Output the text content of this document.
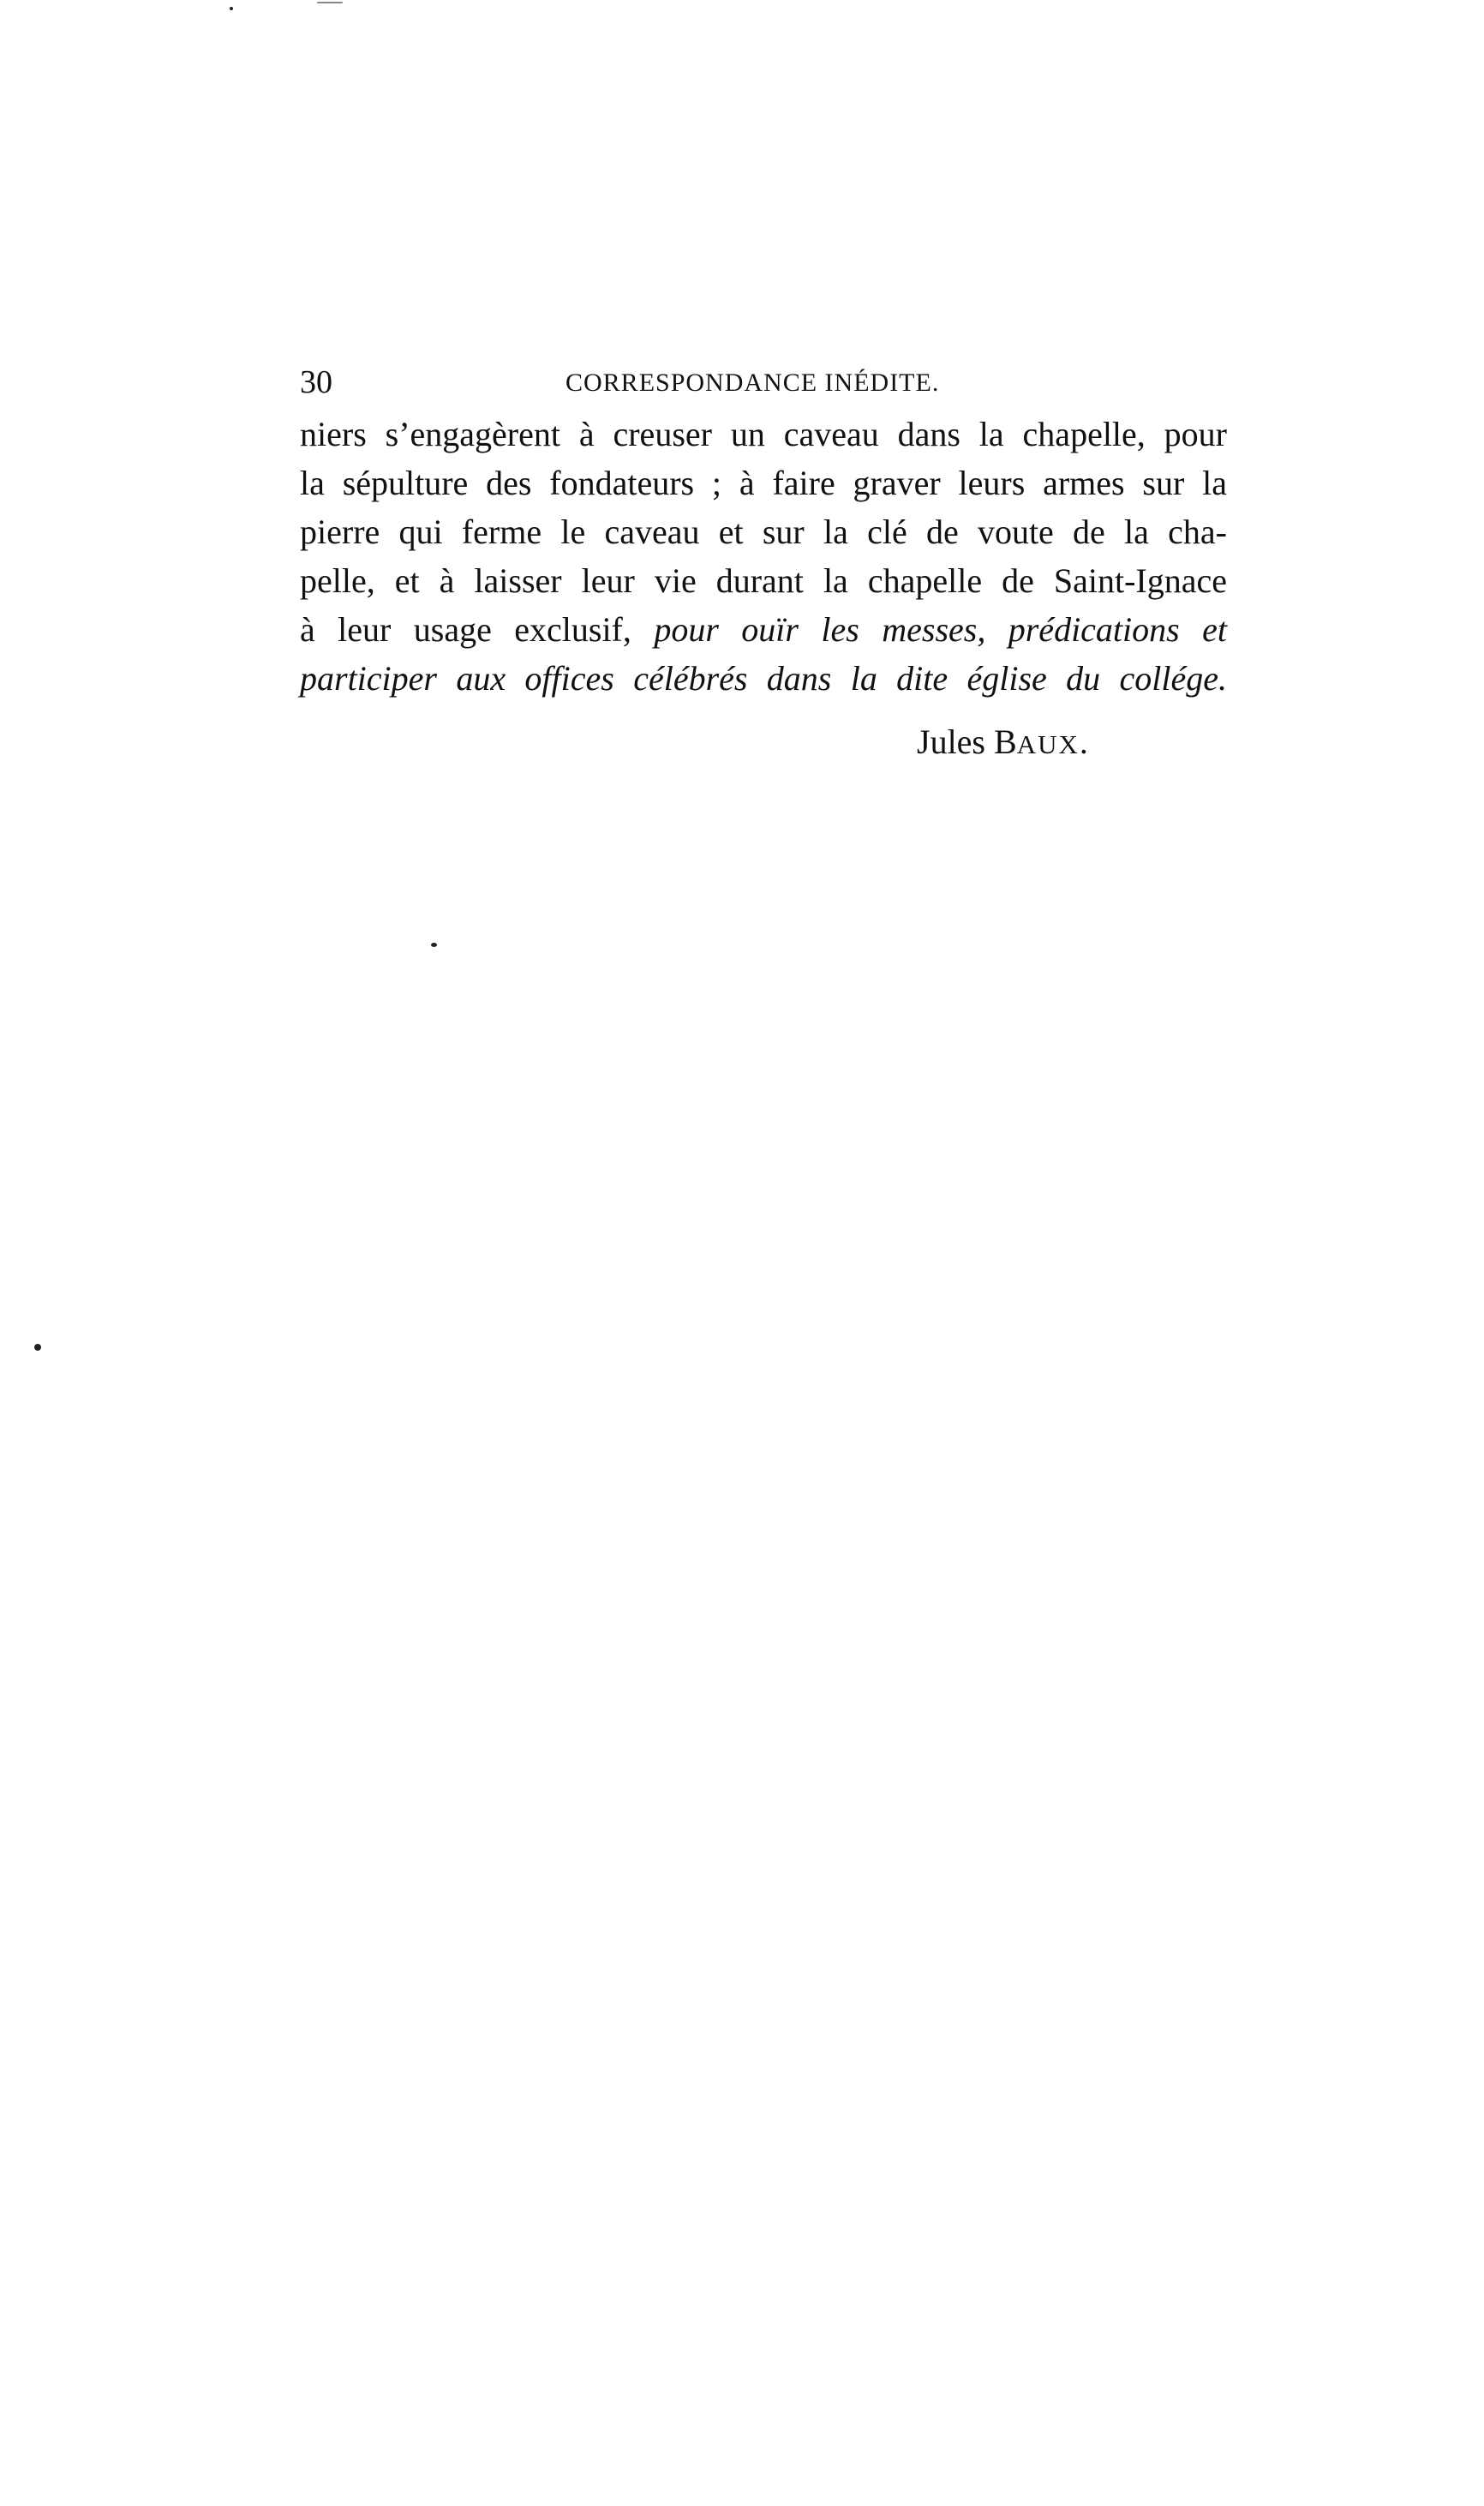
30	CORRESPONDANCE INÉDITE.
niers s’engagèrent à creuser un caveau dans la chapelle, pour
la sépulture des fondateurs ; à faire graver leurs armes sur la
pierre qui ferme le caveau et sur la clé de voute de la cha-
pelle, et à laisser leur vie durant la chapelle de Saint-Ignace
à leur usage exclusif, pour ouïr les messes, prédications et
participer aux offices célébrés dans la dite église du collége.
Jules BAUX.
